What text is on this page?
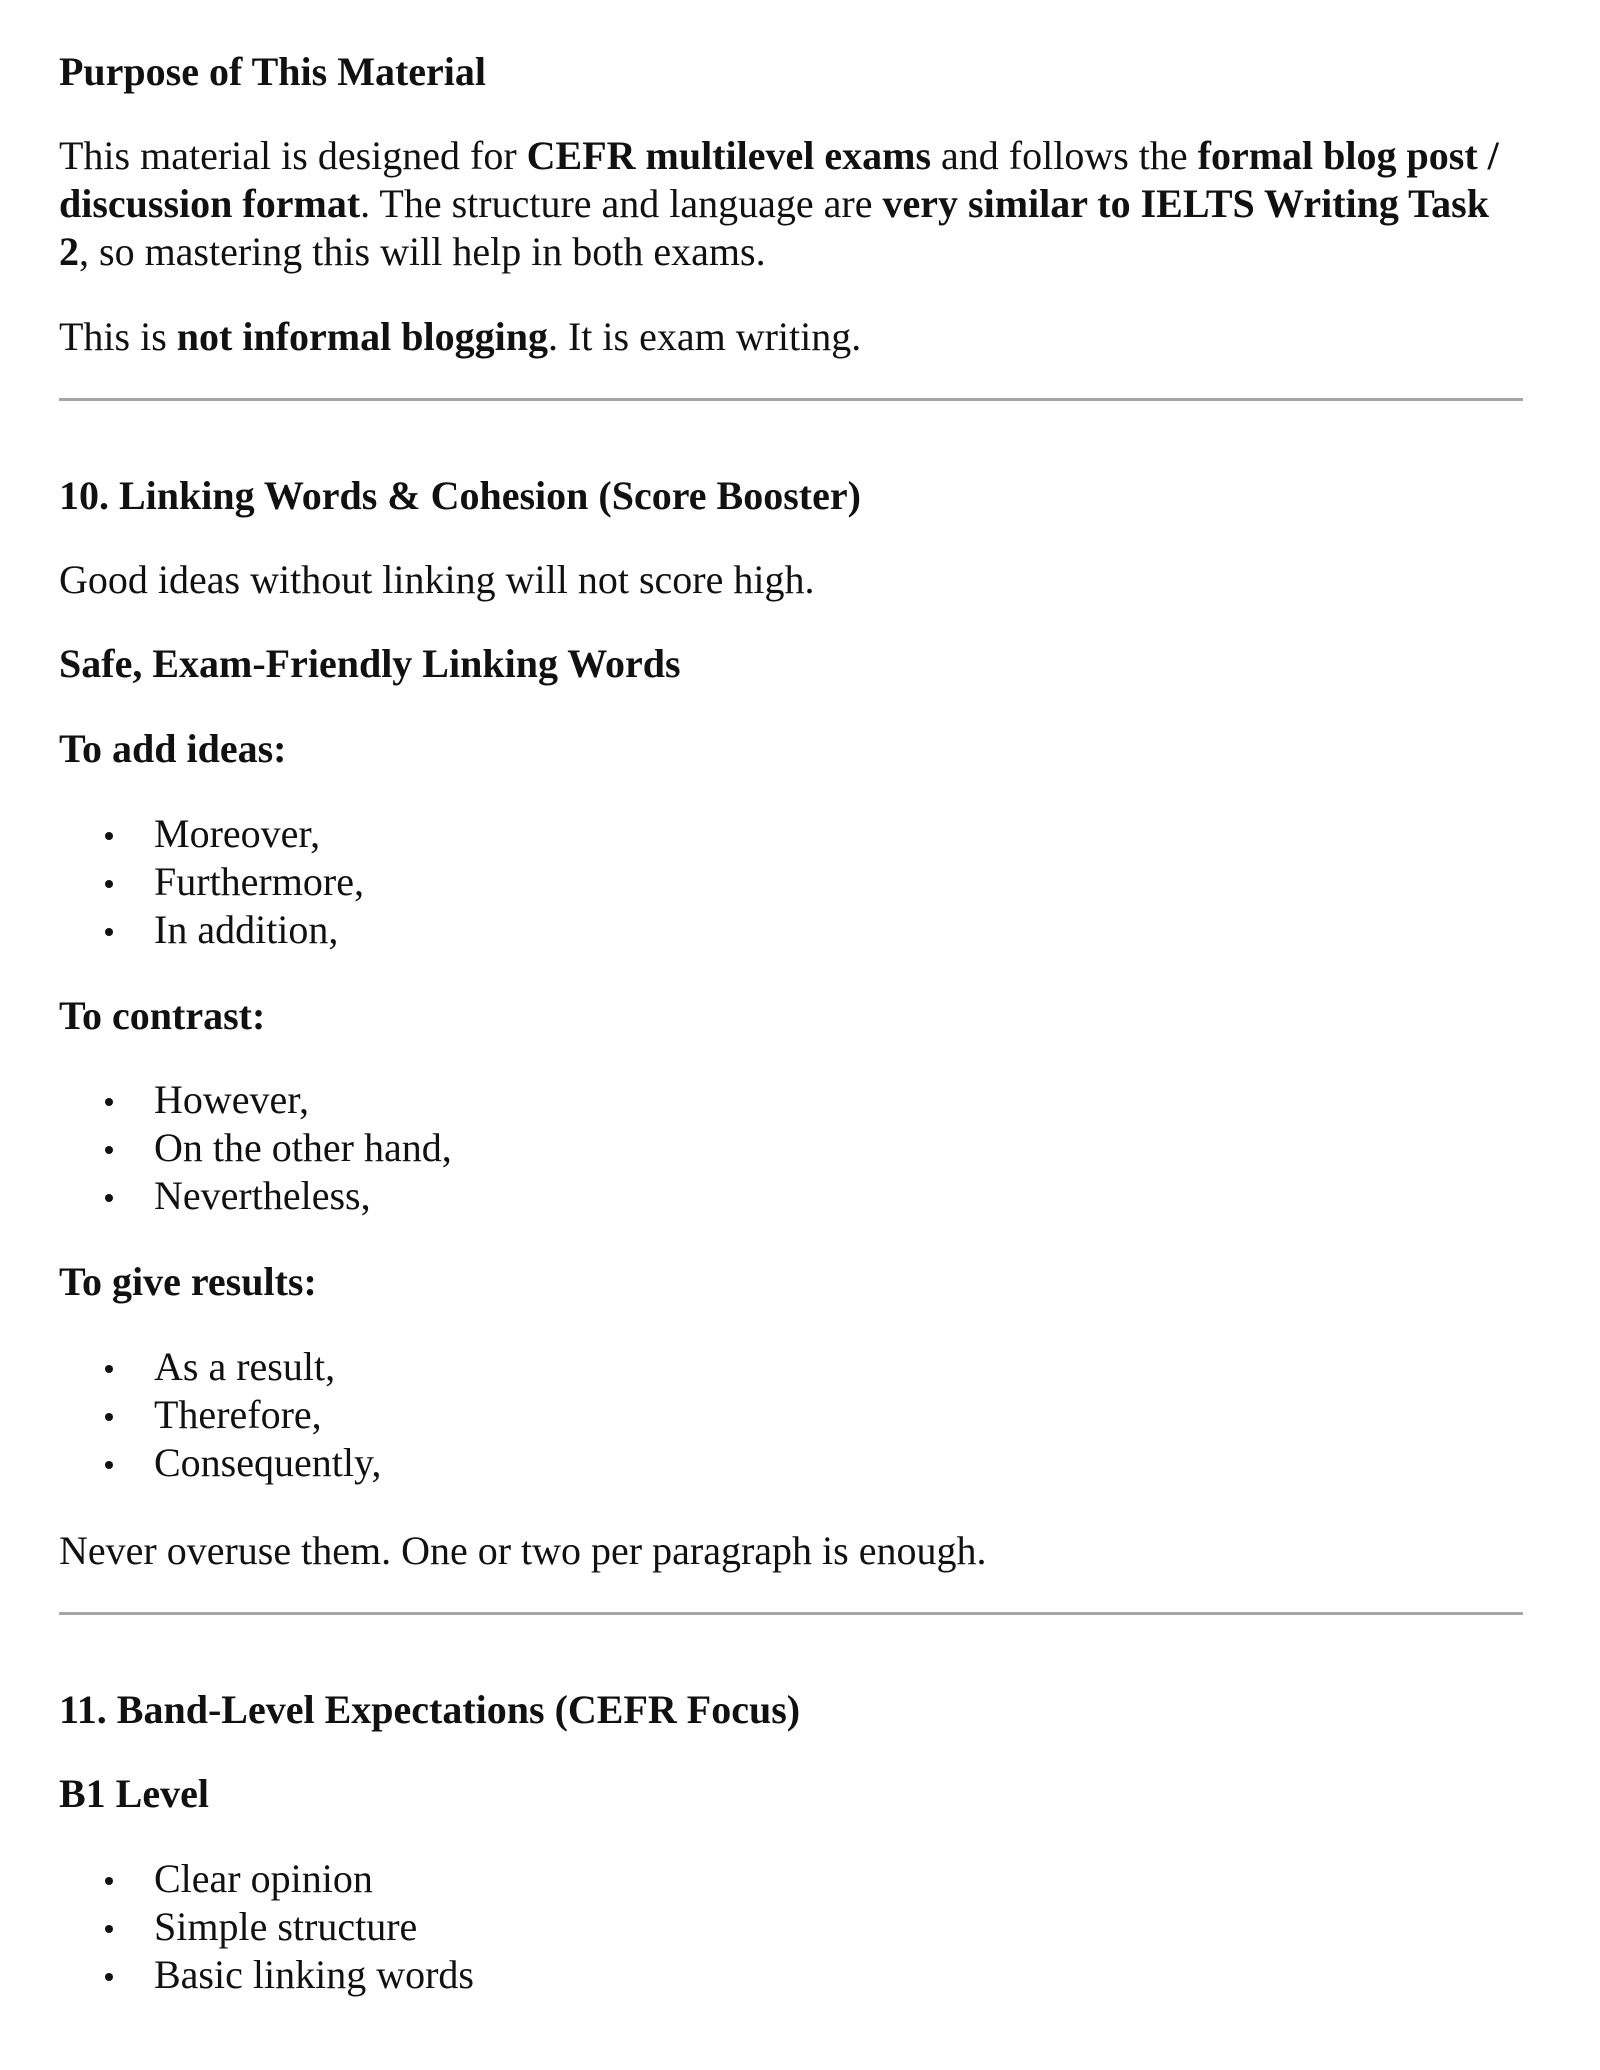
Purpose of This Material
This material is designed for CEFR multilevel exams and follows the formal blog post / discussion format. The structure and language are very similar to IELTS Writing Task 2, so mastering this will help in both exams.
This is not informal blogging. It is exam writing.
10. Linking Words & Cohesion (Score Booster)
Good ideas without linking will not score high.
Safe, Exam-Friendly Linking Words
To add ideas:
Moreover,
Furthermore,
In addition,
To contrast:
However,
On the other hand,
Nevertheless,
To give results:
As a result,
Therefore,
Consequently,
Never overuse them. One or two per paragraph is enough.
11. Band-Level Expectations (CEFR Focus)
B1 Level
Clear opinion
Simple structure
Basic linking words
